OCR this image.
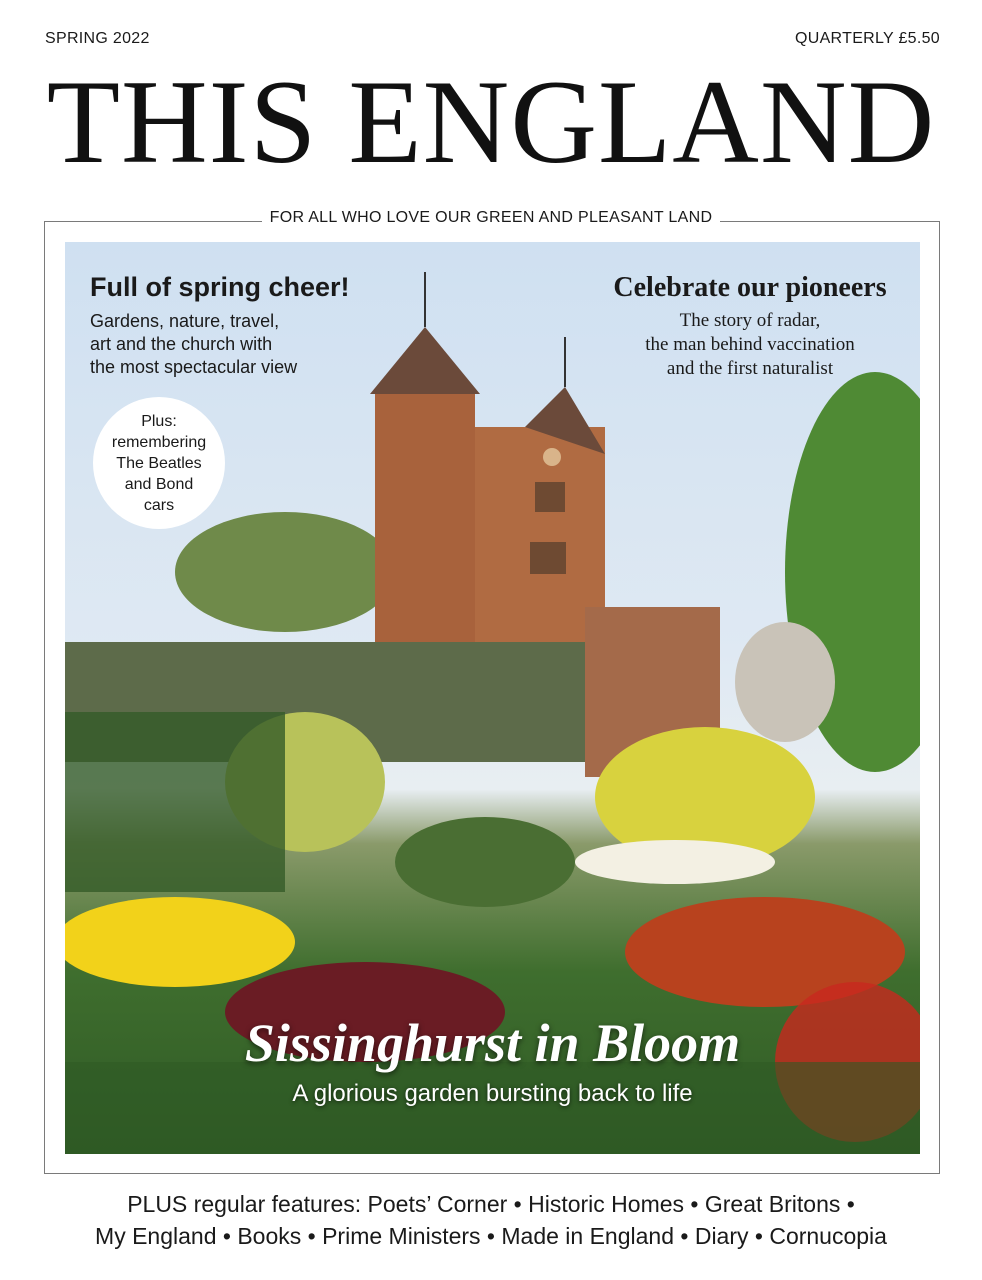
SPRING 2022	QUARTERLY £5.50
THIS ENGLAND
FOR ALL WHO LOVE OUR GREEN AND PLEASANT LAND
Full of spring cheer!
Gardens, nature, travel,
art and the church with
the most spectacular view
Celebrate our pioneers
The story of radar,
the man behind vaccination
and the first naturalist
Plus:
remembering
The Beatles
and Bond
cars
Sissinghurst in Bloom
A glorious garden bursting back to life
PLUS regular features: Poets’ Corner • Historic Homes • Great Britons •
My England • Books • Prime Ministers • Made in England • Diary • Cornucopia
